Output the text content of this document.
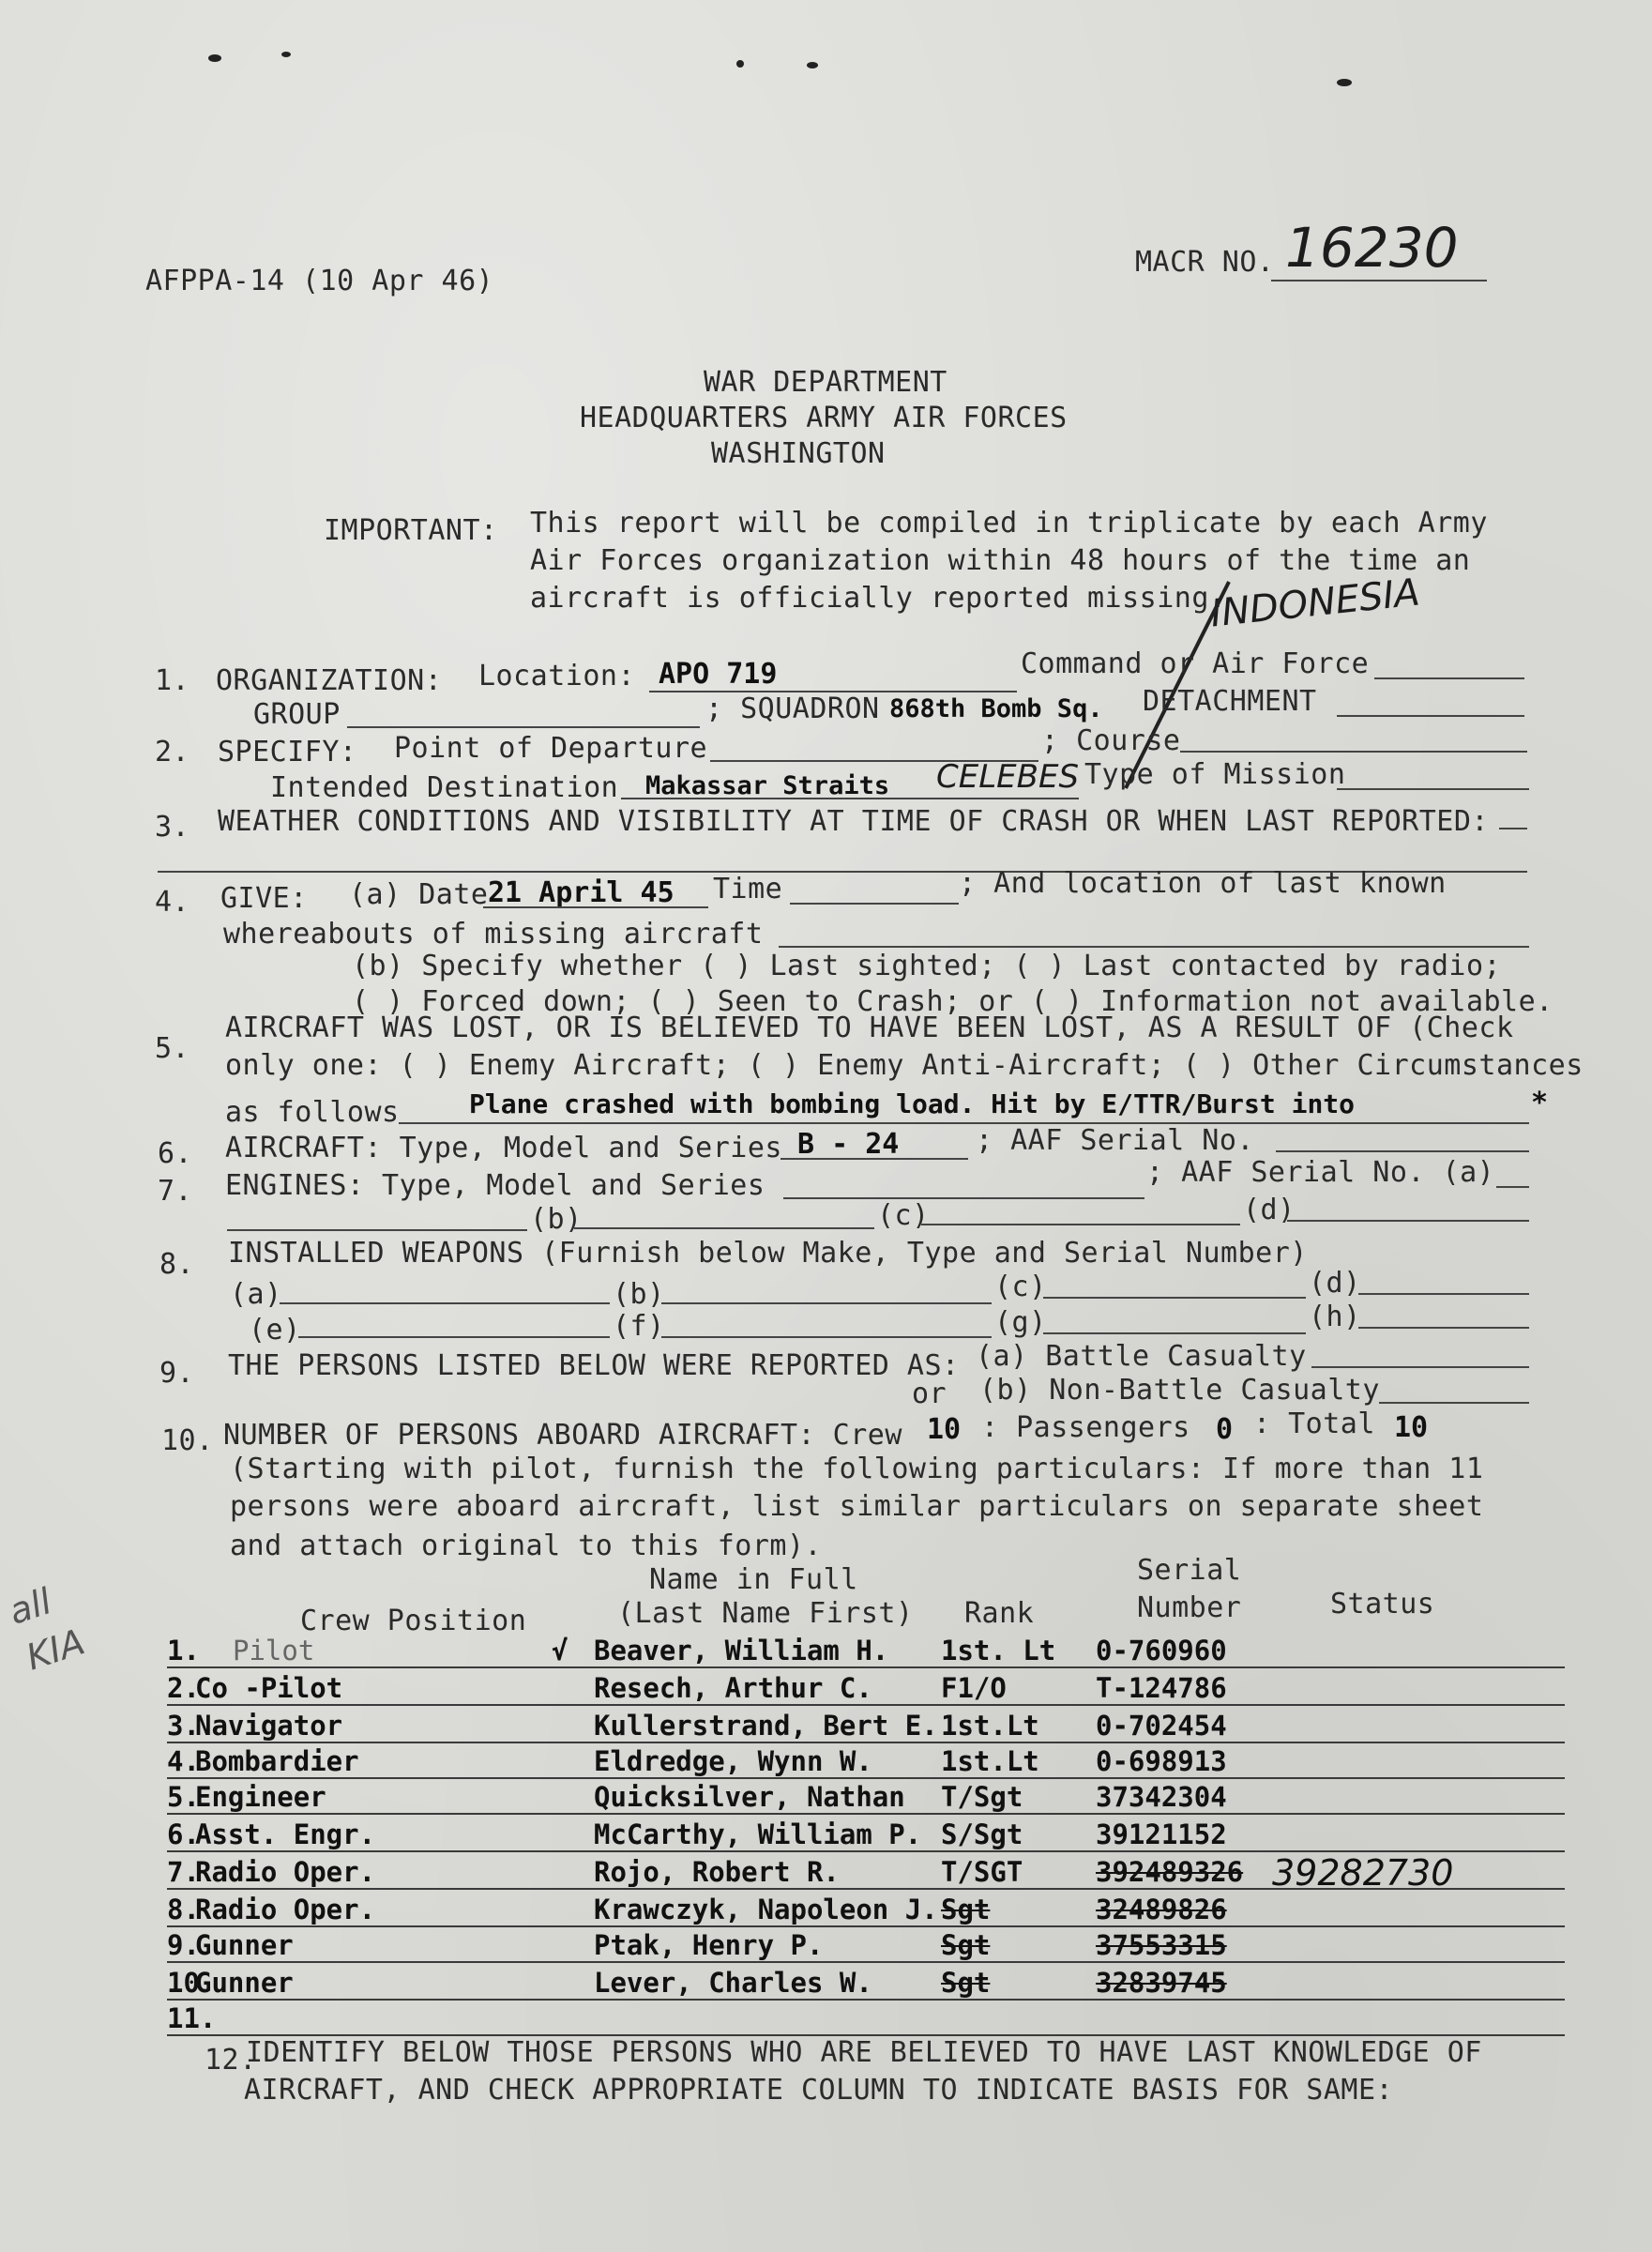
AFPPA-14 (10 Apr 46)
MACR NO. 16230
WAR DEPARTMENT
HEADQUARTERS ARMY AIR FORCES
WASHINGTON
IMPORTANT: This report will be compiled in triplicate by each Army
Air Forces organization within 48 hours of the time an
aircraft is officially reported missing.
INDONESIA
1. ORGANIZATION: Location: APO 719	Command or Air Force
GROUP	; SQUADRON 868th Bomb Sq. DETACHMENT
2. SPECIFY: Point of Departure	; Course
Intended Destination Makassar Straits CELEBES Type of Mission
3. WEATHER CONDITIONS AND VISIBILITY AT TIME OF CRASH OR WHEN LAST REPORTED:
4. GIVE: (a) Date 21 April 45 Time	; And location of last known
whereabouts of missing aircraft
(b) Specify whether ( ) Last sighted; ( ) Last contacted by radio;
( ) Forced down; ( ) Seen to Crash; or ( ) Information not available.
5.
AIRCRAFT WAS LOST, OR IS BELIEVED TO HAVE BEEN LOST, AS A RESULT OF (Check
only one: ( ) Enemy Aircraft; ( ) Enemy Anti-Aircraft; ( ) Other Circumstances
as follows	Plane crashed with bombing load. Hit by E/TTR/Burst into	*
6. AIRCRAFT: Type, Model and Series B - 24	; AAF Serial No.
7. ENGINES: Type, Model and Series	; AAF Serial No. (a)
(b)	(c)	(d)
8. INSTALLED WEAPONS (Furnish below Make, Type and Serial Number)
(a)	(b)	(c)	(d)
(e)	(f)	(g)	(h)
9. THE PERSONS LISTED BELOW WERE REPORTED AS: (a) Battle Casualty
or (b) Non-Battle Casualty
10. NUMBER OF PERSONS ABOARD AIRCRAFT: Crew 10 : Passengers 0 : Total 10
(Starting with pilot, furnish the following particulars: If more than 11
persons were aboard aircraft, list similar particulars on separate sheet
and attach original to this form).
all
KIA
Name in Full	Serial
Crew Position	(Last Name First) Rank	Number	Status
1. Pilot	√ Beaver, William H. 1st. Lt 0-760960
2.
Co -Pilot	Resech, Arthur C.	F1/O	T-124786
3.
Navigator	Kullerstrand, Bert E. 1st.Lt 0-702454
4.
Bombardier	Eldredge, Wynn W.	1st.Lt 0-698913
5.
Engineer	Quicksilver, Nathan T/Sgt	37342304
6.
Asst. Engr.	McCarthy, William P. S/Sgt	39121152
7.
Radio Oper.	Rojo, Robert R.	T/SGT	392489326 39282730
8.
Radio Oper.	Krawczyk, Napoleon J. Sgt	32489826
9.
Gunner	Ptak, Henry P.	Sgt	37553315
10
Gunner	Lever, Charles W.	Sgt	32839745
11.
12.
IDENTIFY BELOW THOSE PERSONS WHO ARE BELIEVED TO HAVE LAST KNOWLEDGE OF
AIRCRAFT, AND CHECK APPROPRIATE COLUMN TO INDICATE BASIS FOR SAME:
